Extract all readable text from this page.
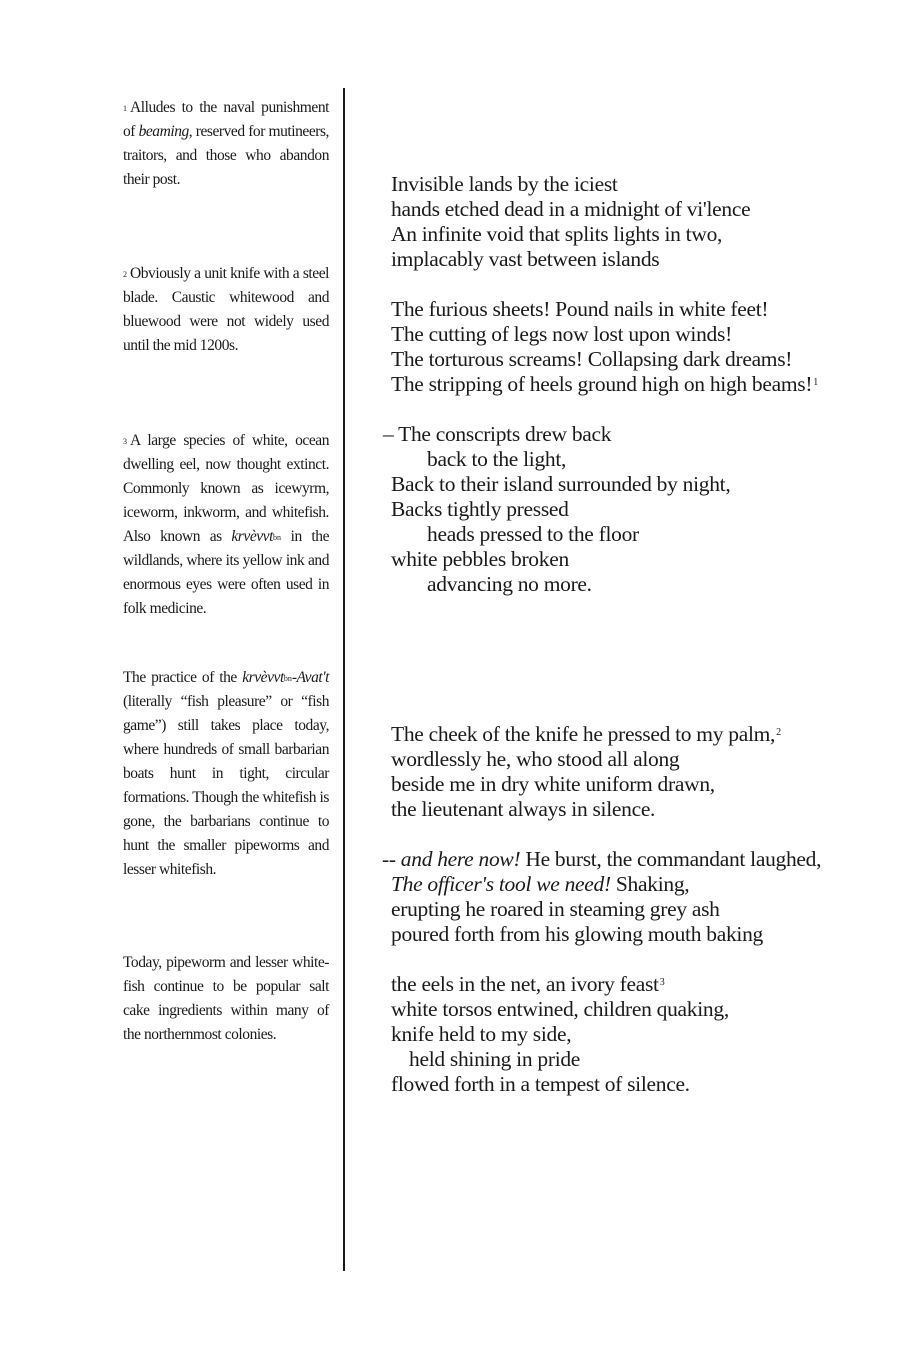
$^1$ Alludes to the naval punishment of beaming, reserved for mutineers, traitors, and those who abandon their post.
$^2$ Obviously a unit knife with a steel blade. Caustic whitewood and bluewood were not widely used until the mid 1200s.
$^3$ A large species of white, ocean dwelling eel, now thought extinct. Commonly known as icewyrm, iceworm, inkworm, and whitefish. Also known as krvèvvt$^{bn}$ in the wildlands, where its yellow ink and enormous eyes were often used in folk medicine.
The practice of the krvèvvt$^{bn}$-Avat't (literally “fish pleasure” or “fish game”) still takes place today, where hundreds of small barbarian boats hunt in tight, circular formations. Though the whitefish is gone, the barbarians continue to hunt the smaller pipeworms and lesser whitefish.
Today, pipeworm and lesser white-fish continue to be popular salt cake ingredients within many of the northernmost colonies.
Invisible lands by the iciest
hands etched dead in a midnight of vi'lence
An infinite void that splits lights in two,
implacably vast between islands
The furious sheets! Pound nails in white feet!
The cutting of legs now lost upon winds!
The torturous screams! Collapsing dark dreams!
The stripping of heels ground high on high beams!$^1$
– The conscripts drew back
back to the light,
Back to their island surrounded by night,
Backs tightly pressed
heads pressed to the floor
white pebbles broken
advancing no more.
The cheek of the knife he pressed to my palm,$^2$
wordlessly he, who stood all along
beside me in dry white uniform drawn,
the lieutenant always in silence.
-- and here now! He burst, the commandant laughed,
The officer's tool we need! Shaking,
erupting he roared in steaming grey ash
poured forth from his glowing mouth baking
the eels in the net, an ivory feast$^3$
white torsos entwined, children quaking,
knife held to my side,
held shining in pride
flowed forth in a tempest of silence.
